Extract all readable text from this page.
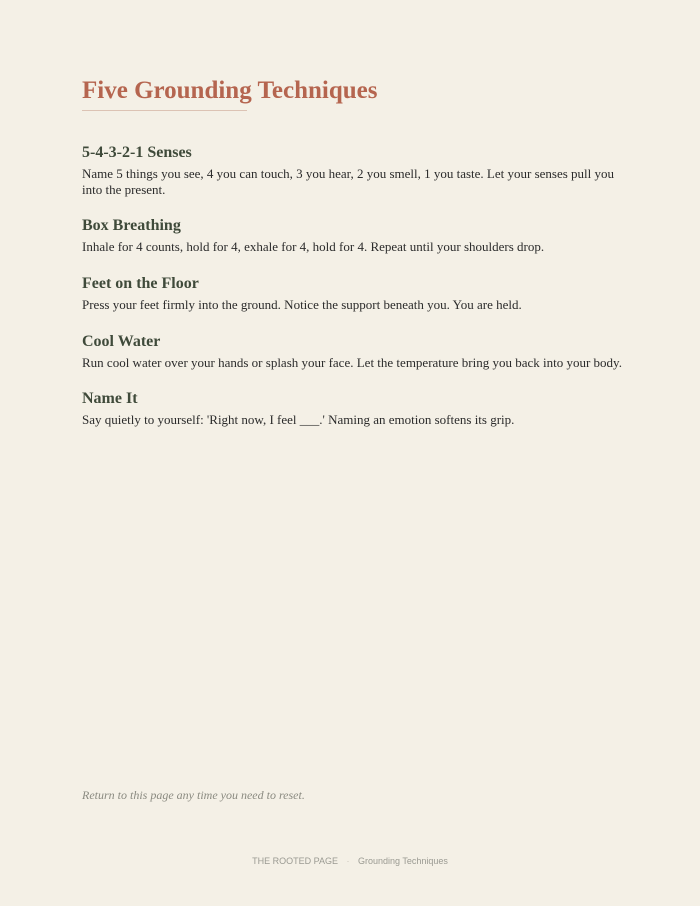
Five Grounding Techniques
5-4-3-2-1 Senses

Name 5 things you see, 4 you can touch, 3 you hear, 2 you smell, 1 you taste. Let your senses pull you into the present.

Box Breathing

Inhale for 4 counts, hold for 4, exhale for 4, hold for 4. Repeat until your shoulders drop.

Feet on the Floor

Press your feet firmly into the ground. Notice the support beneath you. You are held.

Cool Water

Run cool water over your hands or splash your face. Let the temperature bring you back into your body.

Name It

Say quietly to yourself: 'Right now, I feel ___.' Naming an emotion softens its grip.

Return to this page any time you need to reset.

THE ROOTED PAGE · Grounding Techniques
